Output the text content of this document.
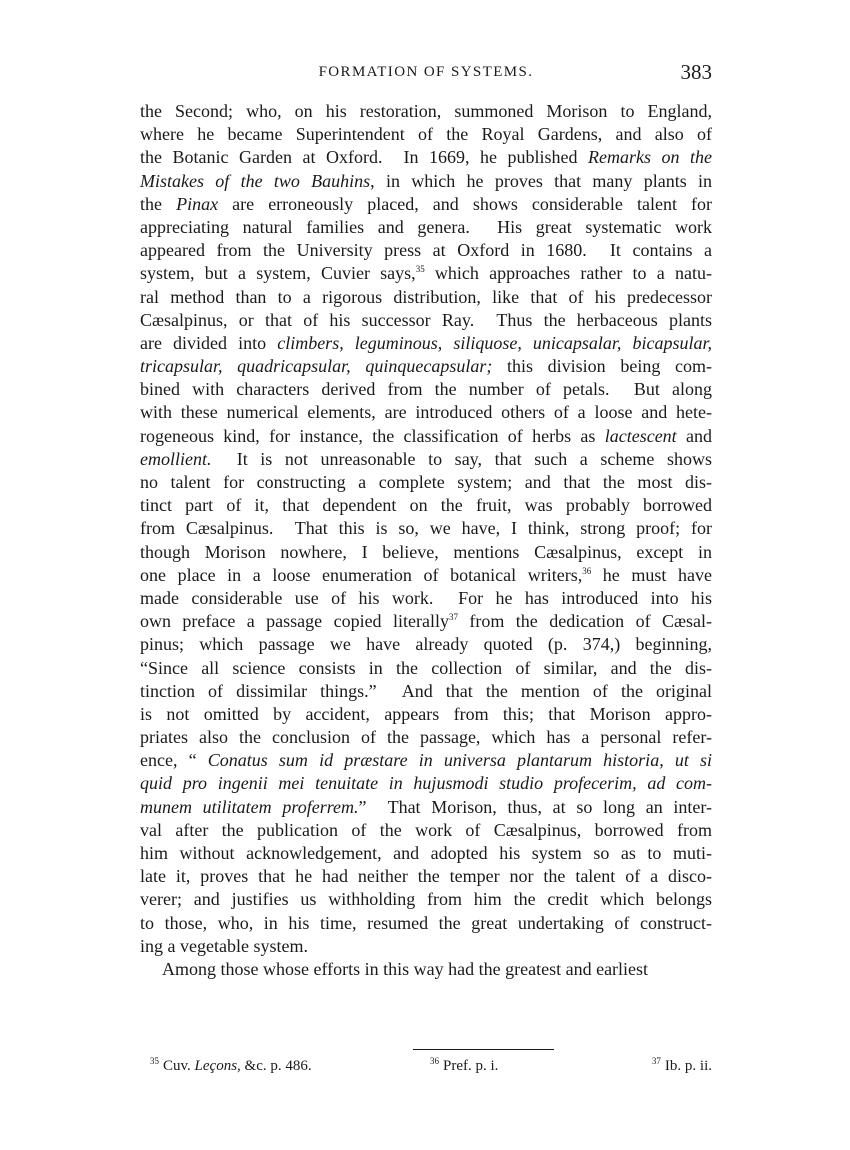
FORMATION OF SYSTEMS.	383
the Second; who, on his restoration, summoned Morison to England,
where he became Superintendent of the Royal Gardens, and also of
the Botanic Garden at Oxford.  In 1669, he published Remarks on the
Mistakes of the two Bauhins, in which he proves that many plants in
the Pinax are erroneously placed, and shows considerable talent for
appreciating natural families and genera.  His great systematic work
appeared from the University press at Oxford in 1680.  It contains a
system, but a system, Cuvier says,$^{35}$ which approaches rather to a natu-
ral method than to a rigorous distribution, like that of his predecessor
Cæsalpinus, or that of his successor Ray.  Thus the herbaceous plants
are divided into climbers, leguminous, siliquose, unicapsalar, bicapsular,
tricapsular, quadricapsular, quinquecapsular; this division being com-
bined with characters derived from the number of petals.  But along
with these numerical elements, are introduced others of a loose and hete-
rogeneous kind, for instance, the classification of herbs as lactescent and
emollient.  It is not unreasonable to say, that such a scheme shows
no talent for constructing a complete system; and that the most dis-
tinct part of it, that dependent on the fruit, was probably borrowed
from Cæsalpinus.  That this is so, we have, I think, strong proof; for
though Morison nowhere, I believe, mentions Cæsalpinus, except in
one place in a loose enumeration of botanical writers,$^{36}$ he must have
made considerable use of his work.  For he has introduced into his
own preface a passage copied literally$^{37}$ from the dedication of Cæsal-
pinus; which passage we have already quoted (p. 374,) beginning,
“Since all science consists in the collection of similar, and the dis-
tinction of dissimilar things.”  And that the mention of the original
is not omitted by accident, appears from this; that Morison appro-
priates also the conclusion of the passage, which has a personal refer-
ence, “ Conatus sum id præstare in universa plantarum historia, ut si
quid pro ingenii mei tenuitate in hujusmodi studio profecerim, ad com-
munem utilitatem proferrem.”  That Morison, thus, at so long an inter-
val after the publication of the work of Cæsalpinus, borrowed from
him without acknowledgement, and adopted his system so as to muti-
late it, proves that he had neither the temper nor the talent of a disco-
verer; and justifies us withholding from him the credit which belongs
to those, who, in his time, resumed the great undertaking of construct-
ing a vegetable system.
Among those whose efforts in this way had the greatest and earliest
$^{35}$ Cuv. Leçons, &c. p. 486.	$^{36}$ Pref. p. i.	$^{37}$ Ib. p. ii.
